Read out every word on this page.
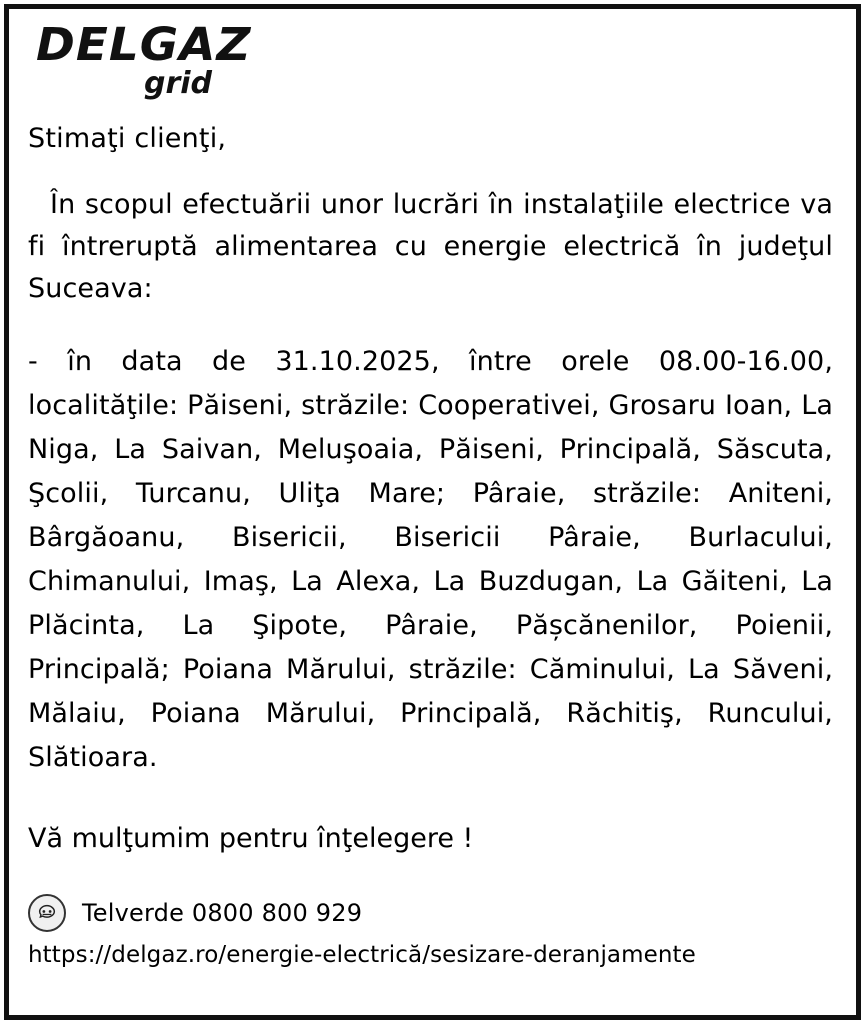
DELGAZ
grid
Stimaţi clienţi,
În scopul efectuării unor lucrări în instalaţiile electrice va fi întreruptă alimentarea cu energie electrică în judeţul Suceava:
- în data de 31.10.2025, între orele 08.00-16.00, localităţile: Păiseni, străzile: Cooperativei, Grosaru Ioan, La Niga, La Saivan, Meluşoaia, Păiseni, Principală, Săscuta, Şcolii, Turcanu, Uliţa Mare; Pâraie, străzile: Aniteni, Bârgăoanu, Bisericii, Bisericii Pâraie, Burlacului, Chimanului, Imaş, La Alexa, La Buzdugan, La Găiteni, La Plăcinta, La Şipote, Pâraie, Pășcănenilor, Poienii, Principală; Poiana Mărului, străzile: Căminului, La Săveni, Mălaiu, Poiana Mărului, Principală, Răchitiş, Runcului, Slătioara.
Vă mulţumim pentru înţelegere !
Telverde 0800 800 929
https://delgaz.ro/energie-electrică/sesizare-deranjamente
